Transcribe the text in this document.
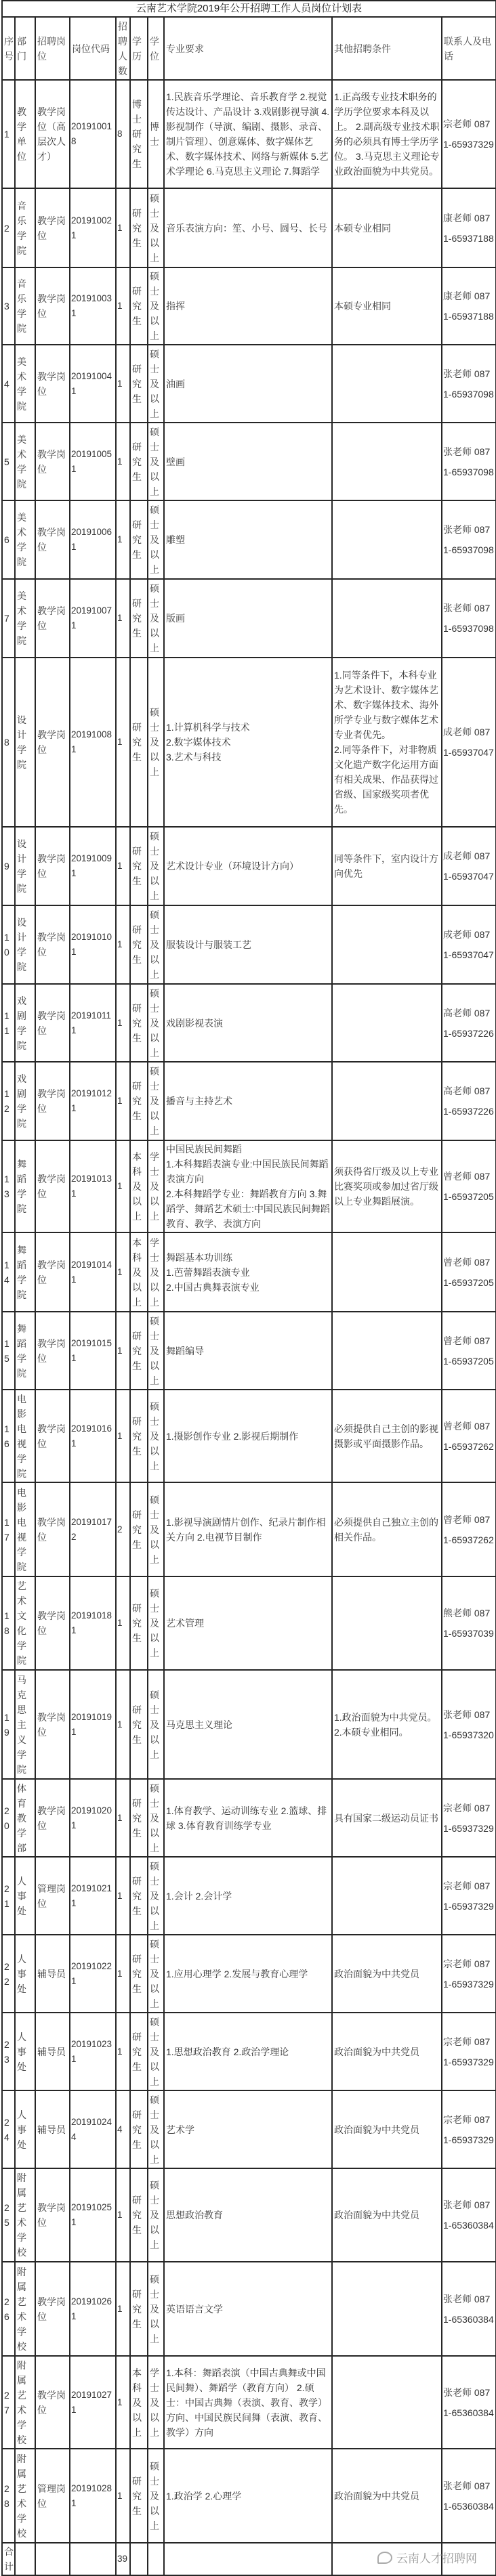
云南艺术学院2019年公开招聘工作人员岗位计划表									
序号	部门	招聘岗位	岗位代码	招聘人数	学历	学位	专业要求	其他招聘条件	联系人及电话
1	教学单位	教学岗位（高层次人才）	201910018	8	博士研究生	博士	1.民族音乐学理论、音乐教育学 2.视觉传达设计、产品设计 3.戏剧影视导演 4.影视制作（导演、编剧、摄影、录音、制片管理）、创意媒体、数字媒体艺术、数字媒体技术、网络与新媒体 5.艺术学理论 6.马克思主义理论 7.舞蹈学	1.正高级专业技术职务的学历学位要求本科及以上。 2.副高级专业技术职务的必须具有博士学历学位。 3.马克思主义理论专业政治面貌为中共党员。	宗老师 0871-65937329
2	音乐学院	教学岗位	201910021	1	研究生	硕士及以上	音乐表演方向：笙、小号、圆号、长号	本硕专业相同	康老师 0871-65937188
3	音乐学院	教学岗位	201910031	1	研究生	硕士及以上	指挥	本硕专业相同	康老师 0871-65937188
4	美术学院	教学岗位	201910041	1	研究生	硕士及以上	油画		张老师 0871-65937098
5	美术学院	教学岗位	201910051	1	研究生	硕士及以上	壁画		张老师 0871-65937098
6	美术学院	教学岗位	201910061	1	研究生	硕士及以上	雕塑		张老师 0871-65937098
7	美术学院	教学岗位	201910071	1	研究生	硕士及以上	版画		张老师 0871-65937098
8	设计学院	教学岗位	201910081	1	研究生	硕士及以上	1.计算机科学与技术
2.数字媒体技术
3.艺术与科技	1.同等条件下，本科专业为艺术设计、数字媒体艺术、数字媒体技术、海外所学专业与数字媒体艺术专业者优先。
2.同等条件下，对非物质文化遗产数字化运用方面有相关成果、作品获得过省级、国家级奖项者优先。	成老师 0871-65937047
9	设计学院	教学岗位	201910091	1	研究生	硕士及以上	艺术设计专业（环境设计方向）	同等条件下，室内设计方向优先	成老师 0871-65937047
10	设计学院	教学岗位	201910101	1	研究生	硕士及以上	服装设计与服装工艺		成老师 0871-65937047
11	戏剧学院	教学岗位	201910111	1	研究生	硕士及以上	戏剧影视表演		高老师 0871-65937226
12	戏剧学院	教学岗位	201910121	1	研究生	硕士及以上	播音与主持艺术		高老师 0871-65937226
13	舞蹈学院	教学岗位	201910131	1	本科及以上	学士及以上	中国民族民间舞蹈
1.本科舞蹈表演专业:中国民族民间舞蹈表演方向
2.本科舞蹈学专业：舞蹈教育方向 3.舞蹈学、舞蹈艺术硕士:中国民族民间舞蹈教育、教学、表演方向	须获得省厅级及以上专业比赛奖项或参加过省厅级以上专业舞蹈展演。	曾老师 0871-65937205
14	舞蹈学院	教学岗位	201910141	1	本科及以上	学士及以上	舞蹈基本功训练
1.芭蕾舞蹈表演专业
2.中国古典舞表演专业		曾老师 0871-65937205
15	舞蹈学院	教学岗位	201910151	1	研究生	硕士及以上	舞蹈编导		曾老师 0871-65937205
16	电影电视学院	教学岗位	201910161	1	研究生	硕士及以上	1.摄影创作专业 2.影视后期制作	必须提供自己主创的影视摄影或平面摄影作品。	曾老师 0871-65937262
17	电影电视学院	教学岗位	201910172	2	研究生	硕士及以上	1.影视导演剧情片创作、纪录片制作相关方向 2.电视节目制作	必须提供自己独立主创的相关作品。	曾老师 0871-65937262
18	艺术文化学院	教学岗位	201910181	1	研究生	硕士及以上	艺术管理		熊老师 0871-65937039
19	马克思主义学院	教学岗位	201910191	1	研究生	硕士及以上	马克思主义理论	1.政治面貌为中共党员。 2.本硕专业相同。	张老师 0871-65937320
20	体育教学部	教学岗位	201910201	1	研究生	硕士及以上	1.体育教学、运动训练专业 2.篮球、排球 3.体育教育训练学专业	具有国家二级运动员证书	宗老师 0871-65937329
21	人事处	管理岗位	201910211	1	研究生	硕士及以上	1.会计 2.会计学		宗老师 0871-65937329
22	人事处	辅导员	201910221	1	研究生	硕士及以上	1.应用心理学 2.发展与教育心理学	政治面貌为中共党员	宗老师 0871-65937329
23	人事处	辅导员	201910231	1	研究生	硕士及以上	1.思想政治教育 2.政治学理论	政治面貌为中共党员	宗老师 0871-65937329
24	人事处	辅导员	201910244	4	研究生	硕士及以上	艺术学	政治面貌为中共党员	宗老师 0871-65937329
25	附属艺术学校	教学岗位	201910251	1	研究生	硕士及以上	思想政治教育	政治面貌为中共党员	张老师 0871-65360384
26	附属艺术学校	教学岗位	201910261	1	研究生	硕士及以上	英语语言文学		张老师 0871-65360384
27	附属艺术学校	教学岗位	201910271	1	本科及以上	学士及以上	1.本科：舞蹈表演（中国古典舞或中国民间舞）、舞蹈学（教育方向） 2.硕士：中国古典舞（表演、教育、教学）方向、中国民族民间舞（表演、教育、教学）方向		张老师 0871-65360384
28	附属艺术学校	管理岗位	201910281	1	研究生	硕士及以上	1.政治学 2.心理学	政治面貌为中共党员	张老师 0871-65360384
合计				39						云南人才招聘网
